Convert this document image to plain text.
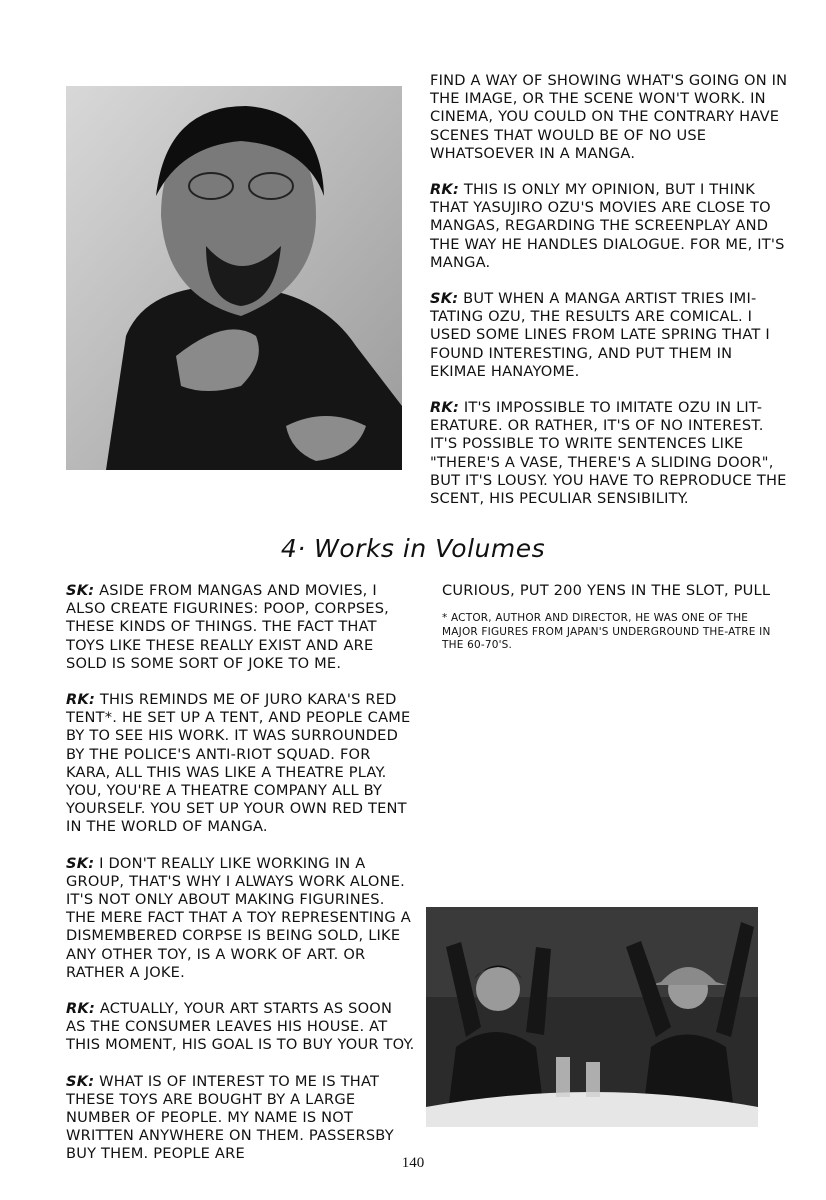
FIND A WAY OF SHOWING WHAT'S GOING ON IN THE IMAGE, OR THE SCENE WON'T WORK. IN CINEMA, YOU COULD ON THE CONTRARY HAVE SCENES THAT WOULD BE OF NO USE WHATSOEVER IN A MANGA.

RK: THIS IS ONLY MY OPINION, BUT I THINK THAT YASUJIRO OZU'S MOVIES ARE CLOSE TO MANGAS, REGARDING THE SCREENPLAY AND THE WAY HE HANDLES DIALOGUE. FOR ME, IT'S MANGA.

SK: BUT WHEN A MANGA ARTIST TRIES IMI-TATING OZU, THE RESULTS ARE COMICAL. I USED SOME LINES FROM LATE SPRING THAT I FOUND INTERESTING, AND PUT THEM IN EKIMAE HANAYOME.

RK: IT'S IMPOSSIBLE TO IMITATE OZU IN LIT-ERATURE. OR RATHER, IT'S OF NO INTEREST. IT'S POSSIBLE TO WRITE SENTENCES LIKE "THERE'S A VASE, THERE'S A SLIDING DOOR", BUT IT'S LOUSY. YOU HAVE TO REPRODUCE THE SCENT, HIS PECULIAR SENSIBILITY.

4· Works in Volumes

SK: ASIDE FROM MANGAS AND MOVIES, I ALSO CREATE FIGURINES: POOP, CORPSES, THESE KINDS OF THINGS. THE FACT THAT TOYS LIKE THESE REALLY EXIST AND ARE SOLD IS SOME SORT OF JOKE TO ME.

RK: THIS REMINDS ME OF JURO KARA'S RED TENT*. HE SET UP A TENT, AND PEOPLE CAME BY TO SEE HIS WORK. IT WAS SURROUNDED BY THE POLICE'S ANTI-RIOT SQUAD. FOR KARA, ALL THIS WAS LIKE A THEATRE PLAY. YOU, YOU'RE A THEATRE COMPANY ALL BY YOURSELF. YOU SET UP YOUR OWN RED TENT IN THE WORLD OF MANGA.

SK: I DON'T REALLY LIKE WORKING IN A GROUP, THAT'S WHY I ALWAYS WORK ALONE. IT'S NOT ONLY ABOUT MAKING FIGURINES. THE MERE FACT THAT A TOY REPRESENTING A DISMEMBERED CORPSE IS BEING SOLD, LIKE ANY OTHER TOY, IS A WORK OF ART. OR RATHER A JOKE.

RK: ACTUALLY, YOUR ART STARTS AS SOON AS THE CONSUMER LEAVES HIS HOUSE. AT THIS MOMENT, HIS GOAL IS TO BUY YOUR TOY.

SK: WHAT IS OF INTEREST TO ME IS THAT THESE TOYS ARE BOUGHT BY A LARGE NUMBER OF PEOPLE. MY NAME IS NOT WRITTEN ANYWHERE ON THEM. PASSERSBY BUY THEM. PEOPLE ARE

CURIOUS, PUT 200 YENS IN THE SLOT, PULL

* ACTOR, AUTHOR AND DIRECTOR, HE WAS ONE OF THE MAJOR FIGURES FROM JAPAN'S UNDERGROUND THE-ATRE IN THE 60-70'S.

140
